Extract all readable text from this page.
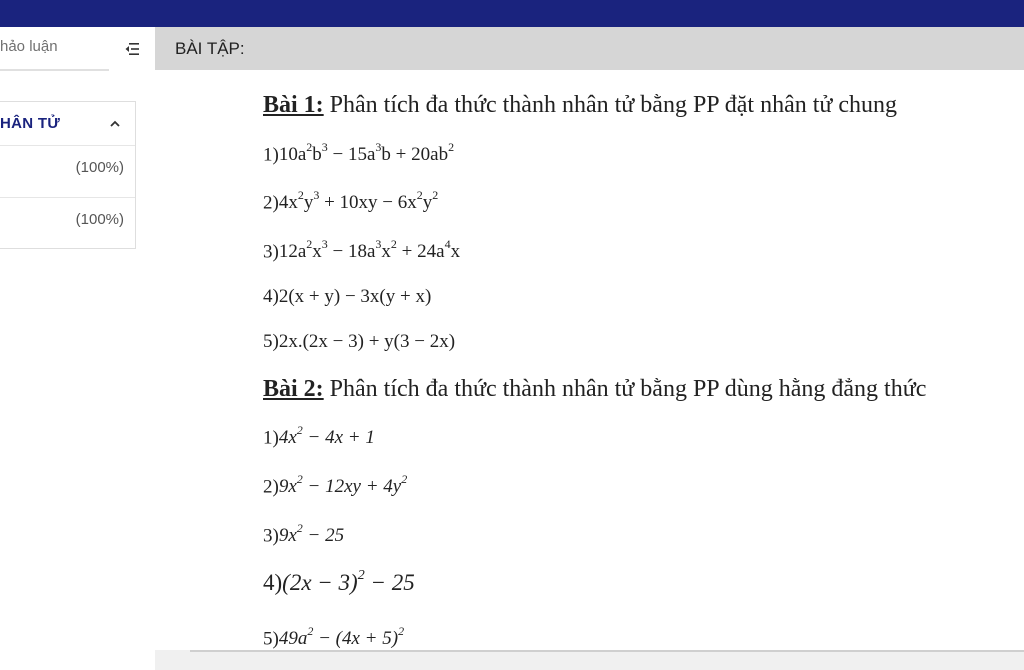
hảo luận
HÂN TỬ
(100%)
(100%)
BÀI TẬP:
Bài 1: Phân tích đa thức thành nhân tử bằng PP đặt nhân tử chung
$1)10a^2b^3 - 15a^3b + 20ab^2$
$2)4x^2y^3 + 10xy - 6x^2y^2$
$3)12a^2x^3 - 18a^3x^2 + 24a^4x$
4)2(x + y) − 3x(y + x)
5)2x.(2x − 3) + y(3 − 2x)
Bài 2: Phân tích đa thức thành nhân tử bằng PP dùng hằng đẳng thức
$1)4x^2 - 4x + 1$
$2)9x^2 - 12xy + 4y^2$
$3)9x^2 - 25$
$4)(2x - 3)^2 - 25$
$5)49a^2 - (4x + 5)^2$
